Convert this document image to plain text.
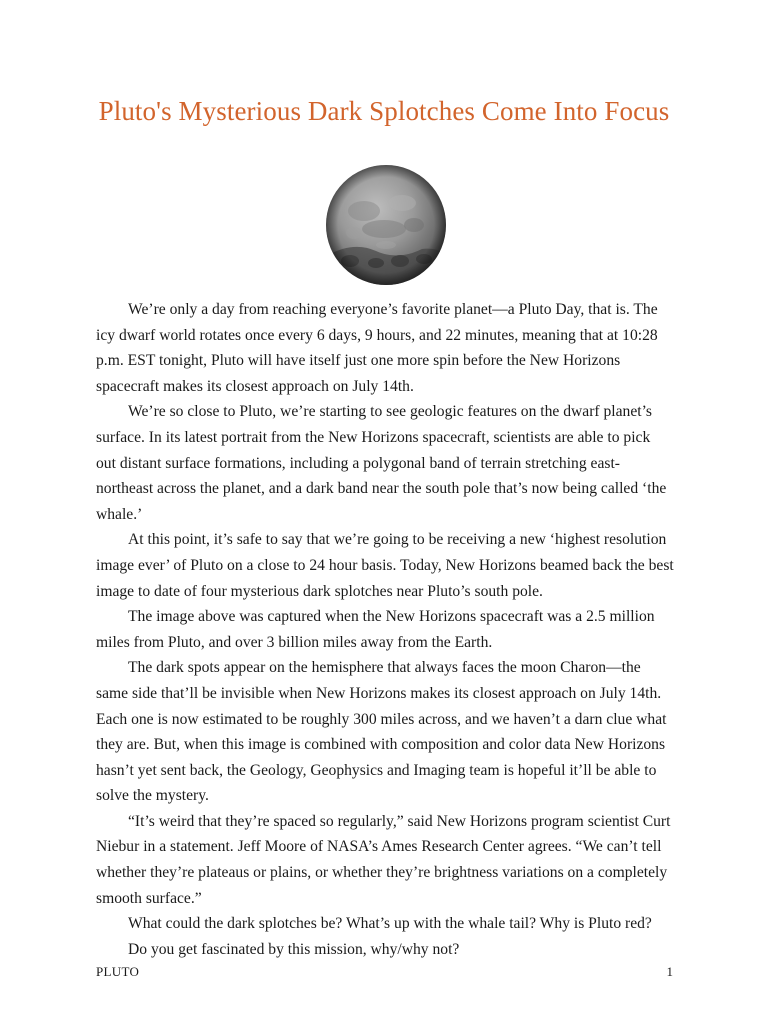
Pluto's Mysterious Dark Splotches Come Into Focus

We’re only a day from reaching everyone’s favorite planet—a Pluto Day, that is. The icy dwarf world rotates once every 6 days, 9 hours, and 22 minutes, meaning that at 10:28 p.m. EST tonight, Pluto will have itself just one more spin before the New Horizons spacecraft makes its closest approach on July 14th.

We’re so close to Pluto, we’re starting to see geologic features on the dwarf planet’s surface. In its latest portrait from the New Horizons spacecraft, scientists are able to pick out distant surface formations, including a polygonal band of terrain stretching east-northeast across the planet, and a dark band near the south pole that’s now being called ‘the whale.’

At this point, it’s safe to say that we’re going to be receiving a new ‘highest resolution image ever’ of Pluto on a close to 24 hour basis. Today, New Horizons beamed back the best image to date of four mysterious dark splotches near Pluto’s south pole.

The image above was captured when the New Horizons spacecraft was a 2.5 million miles from Pluto, and over 3 billion miles away from the Earth.

The dark spots appear on the hemisphere that always faces the moon Charon—the same side that’ll be invisible when New Horizons makes its closest approach on July 14th. Each one is now estimated to be roughly 300 miles across, and we haven’t a darn clue what they are. But, when this image is combined with composition and color data New Horizons hasn’t yet sent back, the Geology, Geophysics and Imaging team is hopeful it’ll be able to solve the mystery.

“It’s weird that they’re spaced so regularly,” said New Horizons program scientist Curt Niebur in a statement. Jeff Moore of NASA’s Ames Research Center agrees. “We can’t tell whether they’re plateaus or plains, or whether they’re brightness variations on a completely smooth surface.”

What could the dark splotches be? What’s up with the whale tail? Why is Pluto red?

Do you get fascinated by this mission, why/why not?

PLUTO	1
